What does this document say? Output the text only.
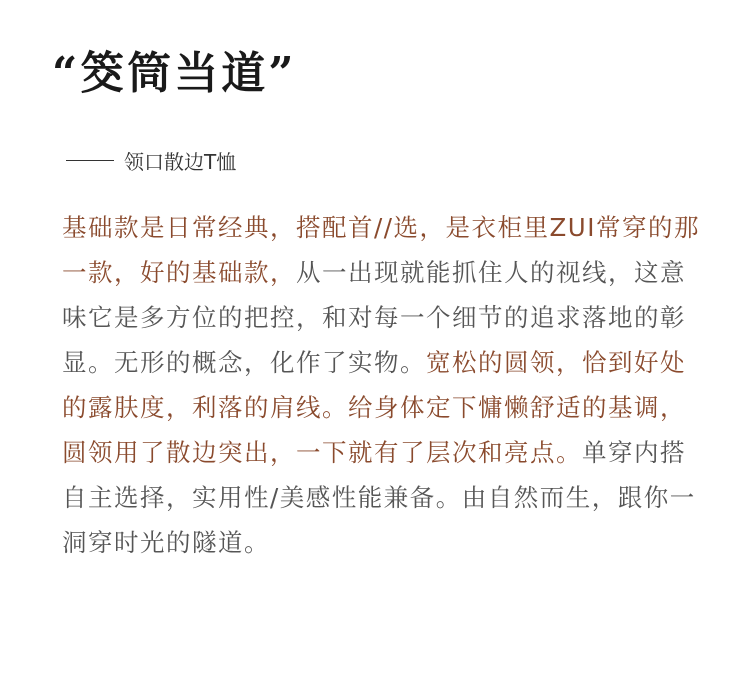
“筊筒当道”
领口散边T恤

基础款是日常经典，搭配首//选，是衣柜里ZUI常穿的那一款，好的基础款，从一出现就能抓住人的视线，这意味它是多方位的把控，和对每一个细节的追求落地的彰显。无形的概念，化作了实物。宽松的圆领，恰到好处的露肤度，利落的肩线。给身体定下慵懒舒适的基调，圆领用了散边突出，一下就有了层次和亮点。单穿内搭自主选择，实用性/美感性能兼备。由自然而生，跟你一洞穿时光的隧道。
